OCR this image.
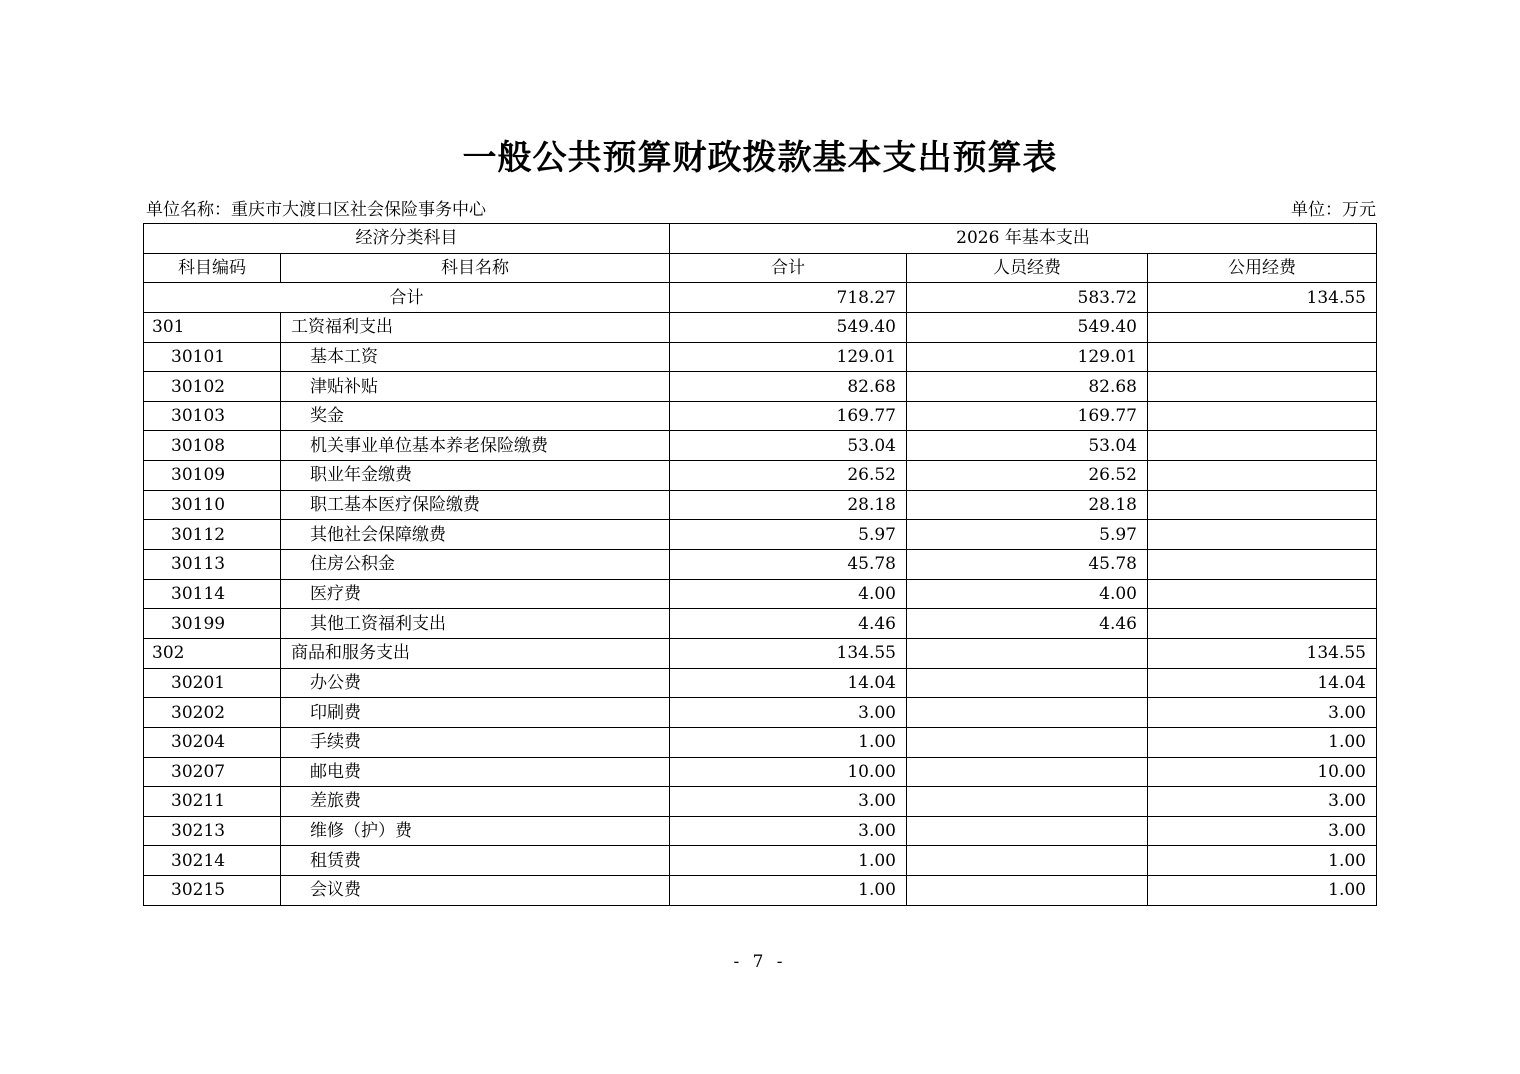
一般公共预算财政拨款基本支出预算表
单位名称：重庆市大渡口区社会保险事务中心	单位：万元
经济分类科目		2026 年基本支出		
科目编码	科目名称	合计	人员经费	公用经费
合计		718.27	583.72	134.55
301	工资福利支出	549.40	549.40	
30101	基本工资	129.01	129.01	
30102	津贴补贴	82.68	82.68	
30103	奖金	169.77	169.77	
30108	机关事业单位基本养老保险缴费	53.04	53.04	
30109	职业年金缴费	26.52	26.52	
30110	职工基本医疗保险缴费	28.18	28.18	
30112	其他社会保障缴费	5.97	5.97	
30113	住房公积金	45.78	45.78	
30114	医疗费	4.00	4.00	
30199	其他工资福利支出	4.46	4.46	
302	商品和服务支出	134.55		134.55
30201	办公费	14.04		14.04
30202	印刷费	3.00		3.00
30204	手续费	1.00		1.00
30207	邮电费	10.00		10.00
30211	差旅费	3.00		3.00
30213	维修（护）费	3.00		3.00
30214	租赁费	1.00		1.00
30215	会议费	1.00		1.00
- 7 -
